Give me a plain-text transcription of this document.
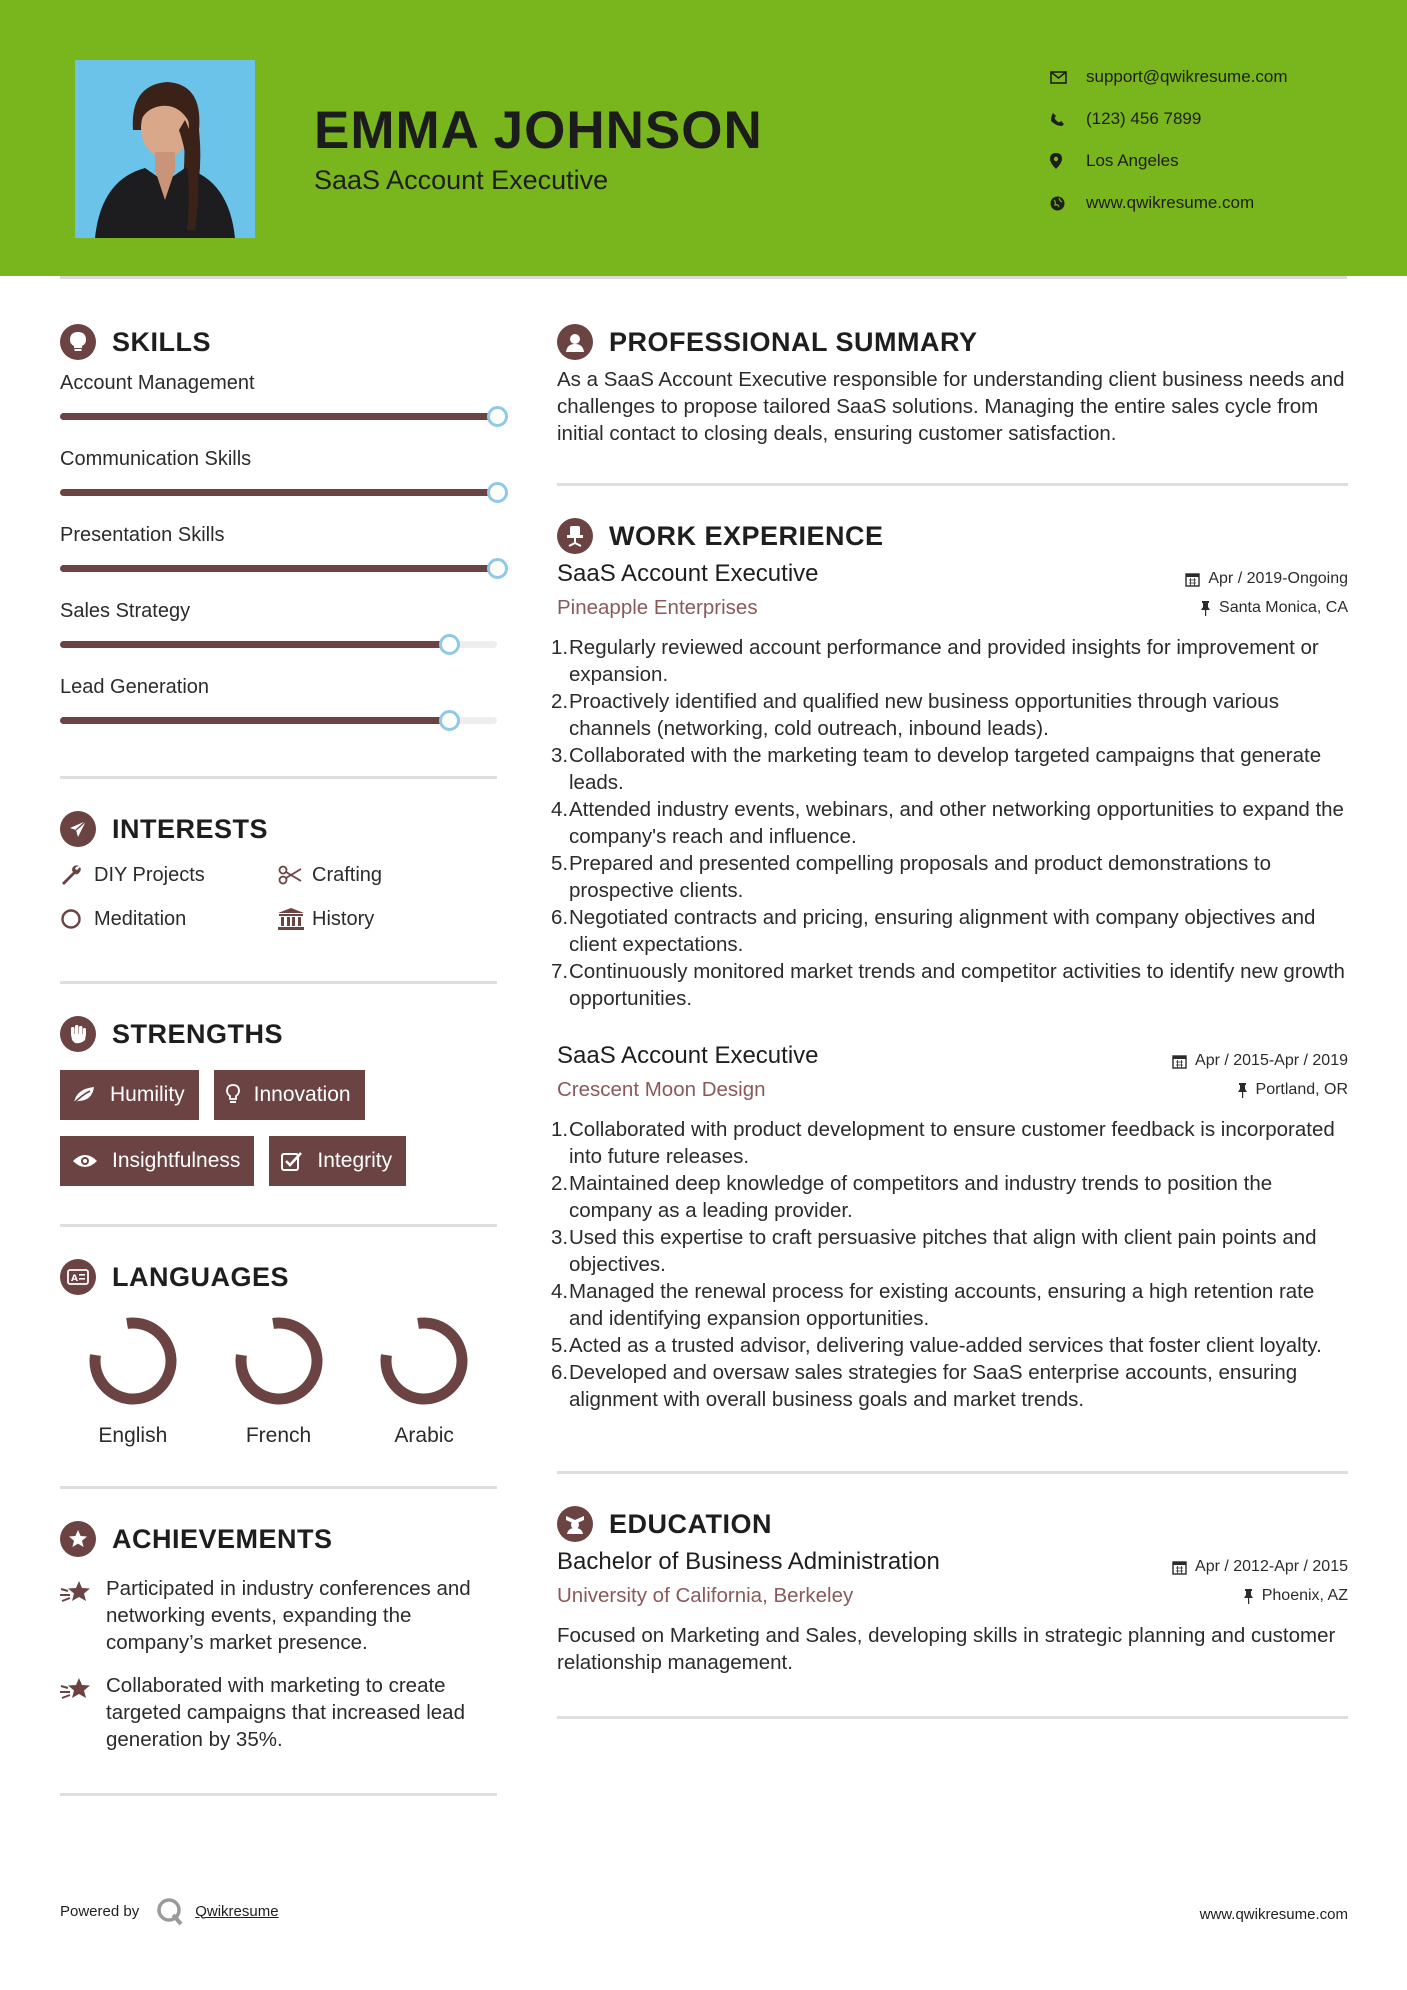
EMMA JOHNSON
SaaS Account Executive
support@qwikresume.com
(123) 456 7899
Los Angeles
www.qwikresume.com
SKILLS
Account Management
Communication Skills
Presentation Skills
Sales Strategy
Lead Generation
INTERESTS
DIY Projects	Crafting
Meditation	History
STRENGTHS
Humility	Innovation
Insightfulness	Integrity
A LANGUAGES
English	French	Arabic
ACHIEVEMENTS
Participated in industry conferences and networking events, expanding the company’s market presence.
Collaborated with marketing to create targeted campaigns that increased lead generation by 35%.
PROFESSIONAL SUMMARY
As a SaaS Account Executive responsible for understanding client business needs and challenges to propose tailored SaaS solutions. Managing the entire sales cycle from initial contact to closing deals, ensuring customer satisfaction.
WORK EXPERIENCE
SaaS Account Executive	Apr / 2019-Ongoing
Pineapple Enterprises	Santa Monica, CA
1. Regularly reviewed account performance and provided insights for improvement or expansion.
2. Proactively identified and qualified new business opportunities through various channels (networking, cold outreach, inbound leads).
3. Collaborated with the marketing team to develop targeted campaigns that generate leads.
4. Attended industry events, webinars, and other networking opportunities to expand the company's reach and influence.
5. Prepared and presented compelling proposals and product demonstrations to prospective clients.
6. Negotiated contracts and pricing, ensuring alignment with company objectives and client expectations.
7. Continuously monitored market trends and competitor activities to identify new growth opportunities.
SaaS Account Executive	Apr / 2015-Apr / 2019
Crescent Moon Design	Portland, OR
1. Collaborated with product development to ensure customer feedback is incorporated into future releases.
2. Maintained deep knowledge of competitors and industry trends to position the company as a leading provider.
3. Used this expertise to craft persuasive pitches that align with client pain points and objectives.
4. Managed the renewal process for existing accounts, ensuring a high retention rate and identifying expansion opportunities.
5. Acted as a trusted advisor, delivering value-added services that foster client loyalty.
6. Developed and oversaw sales strategies for SaaS enterprise accounts, ensuring alignment with overall business goals and market trends.
EDUCATION
Bachelor of Business Administration	Apr / 2012-Apr / 2015
University of California, Berkeley	Phoenix, AZ
Focused on Marketing and Sales, developing skills in strategic planning and customer relationship management.
Powered by	Qwikresume	www.qwikresume.com
